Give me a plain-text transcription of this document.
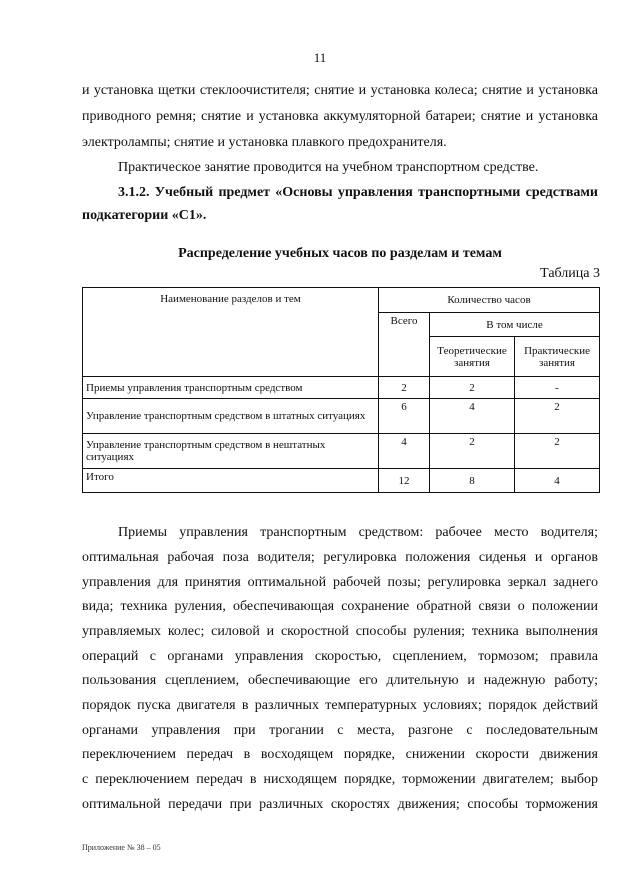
11
и установка щетки стеклоочистителя; снятие и установка колеса; снятие и установка
приводного ремня; снятие и установка аккумуляторной батареи; снятие и установка
электролампы; снятие и установка плавкого предохранителя.
Практическое занятие проводится на учебном транспортном средстве.
3.1.2. Учебный предмет «Основы управления транспортными средствами
подкатегории «С1».
Распределение учебных часов по разделам и темам
Таблица 3
Наименование разделов и тем	Количество часов		
	Всего	В том числе	
		Теоретические занятия	Практические занятия
Приемы управления транспортным средством	2	2	-
Управление транспортным средством в штатных ситуациях	6	4	2
Управление транспортным средством в нештатных ситуациях	4	2	2
Итого	12	8	4
Приемы управления транспортным средством: рабочее место водителя;
оптимальная рабочая поза водителя; регулировка положения сиденья и органов
управления для принятия оптимальной рабочей позы; регулировка зеркал заднего
вида; техника руления, обеспечивающая сохранение обратной связи о положении
управляемых колес; силовой и скоростной способы руления; техника выполнения
операций с органами управления скоростью, сцеплением, тормозом; правила
пользования сцеплением, обеспечивающие его длительную и надежную работу;
порядок пуска двигателя в различных температурных условиях; порядок действий
органами управления при трогании с места, разгоне с последовательным
переключением передач в восходящем порядке, снижении скорости движения
с переключением передач в нисходящем порядке, торможении двигателем; выбор
оптимальной передачи при различных скоростях движения; способы торможения
Приложение № 38 – 05
